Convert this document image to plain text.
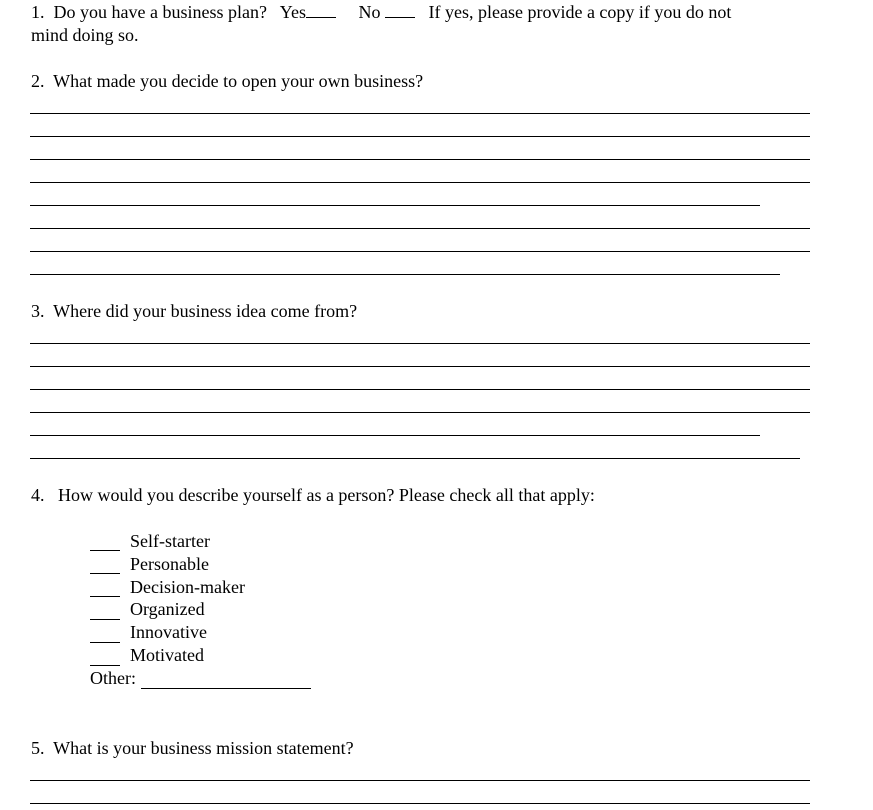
1. Do you have a business plan? Yes	No	If yes, please provide a copy if you do not
mind doing so.
2.  What made you decide to open your own business?
3.  Where did your business idea come from?
4.   How would you describe yourself as a person? Please check all that apply:
Self-starter
Personable
Decision-maker
Organized
Innovative
Motivated
Other:
5.  What is your business mission statement?
